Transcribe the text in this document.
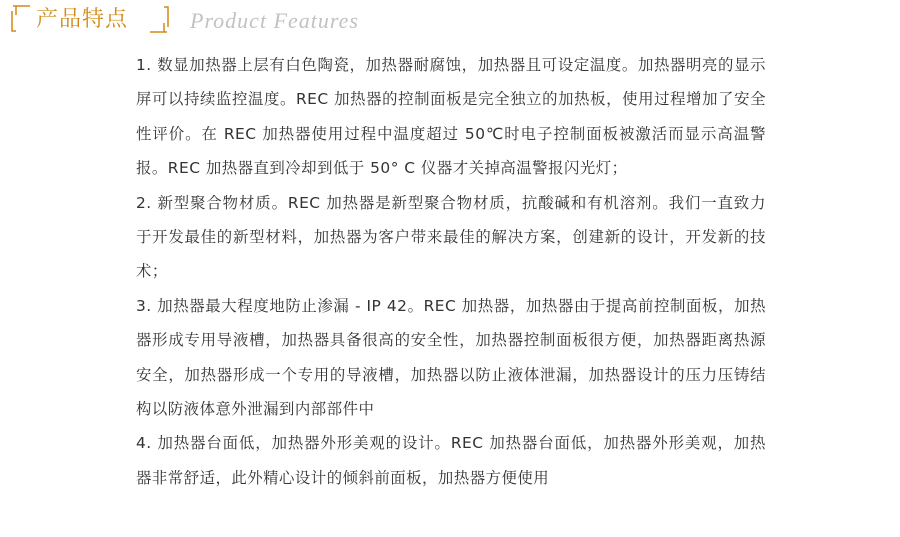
产品特点	Product Features

1. 数显加热器上层有白色陶瓷，加热器耐腐蚀，加热器且可设定温度。加热器明亮的显示屏可以持续监控温度。REC 加热器的控制面板是完全独立的加热板，使用过程增加了安全性评价。在 REC 加热器使用过程中温度超过 50℃时电子控制面板被激活而显示高温警报。REC 加热器直到冷却到低于 50° C 仪器才关掉高温警报闪光灯；

2. 新型聚合物材质。REC 加热器是新型聚合物材质，抗酸碱和有机溶剂。我们一直致力于开发最佳的新型材料，加热器为客户带来最佳的解决方案，创建新的设计，开发新的技术；

3. 加热器最大程度地防止渗漏 - IP 42。REC 加热器，加热器由于提高前控制面板，加热器形成专用导液槽，加热器具备很高的安全性，加热器控制面板很方便，加热器距离热源安全，加热器形成一个专用的导液槽，加热器以防止液体泄漏，加热器设计的压力压铸结构以防液体意外泄漏到内部部件中

4. 加热器台面低，加热器外形美观的设计。REC 加热器台面低，加热器外形美观，加热器非常舒适，此外精心设计的倾斜前面板，加热器方便使用
